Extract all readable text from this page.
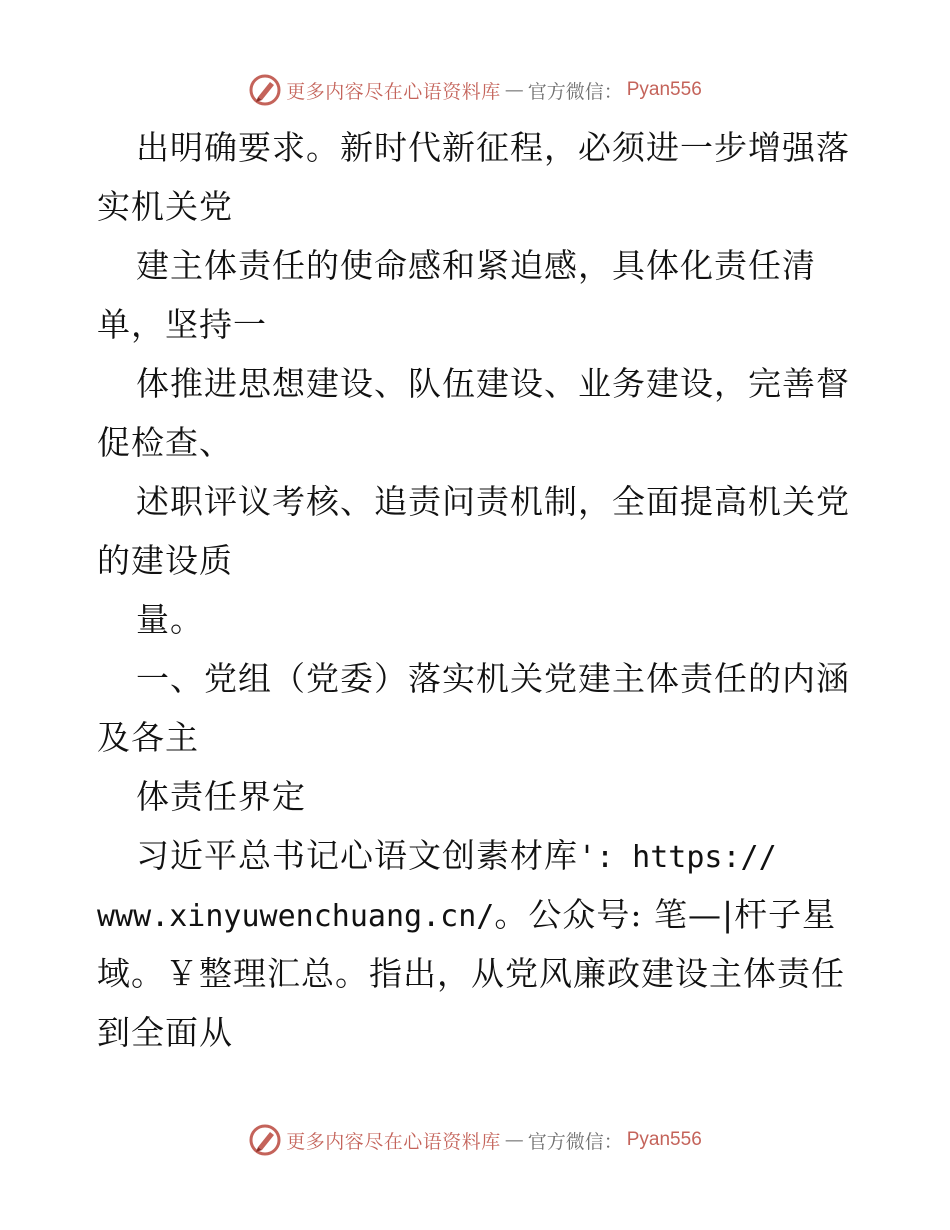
更多内容尽在心语资料库 — 官方微信： Pyan556
出明确要求。新时代新征程，必须进一步增强落
实机关党
建主体责任的使命感和紧迫感，具体化责任清
单，坚持一
体推进思想建设、队伍建设、业务建设，完善督
促检查、
述职评议考核、追责问责机制，全面提高机关党
的建设质
量。
一、党组（党委）落实机关党建主体责任的内涵
及各主
体责任界定
习近平总书记心语文创素材库': https://
www.xinyuwenchuang.cn/。公众号: 笔—|杆子星
域。￥整理汇总。指出，从党风廉政建设主体责任
到全面从
更多内容尽在心语资料库 — 官方微信： Pyan556
